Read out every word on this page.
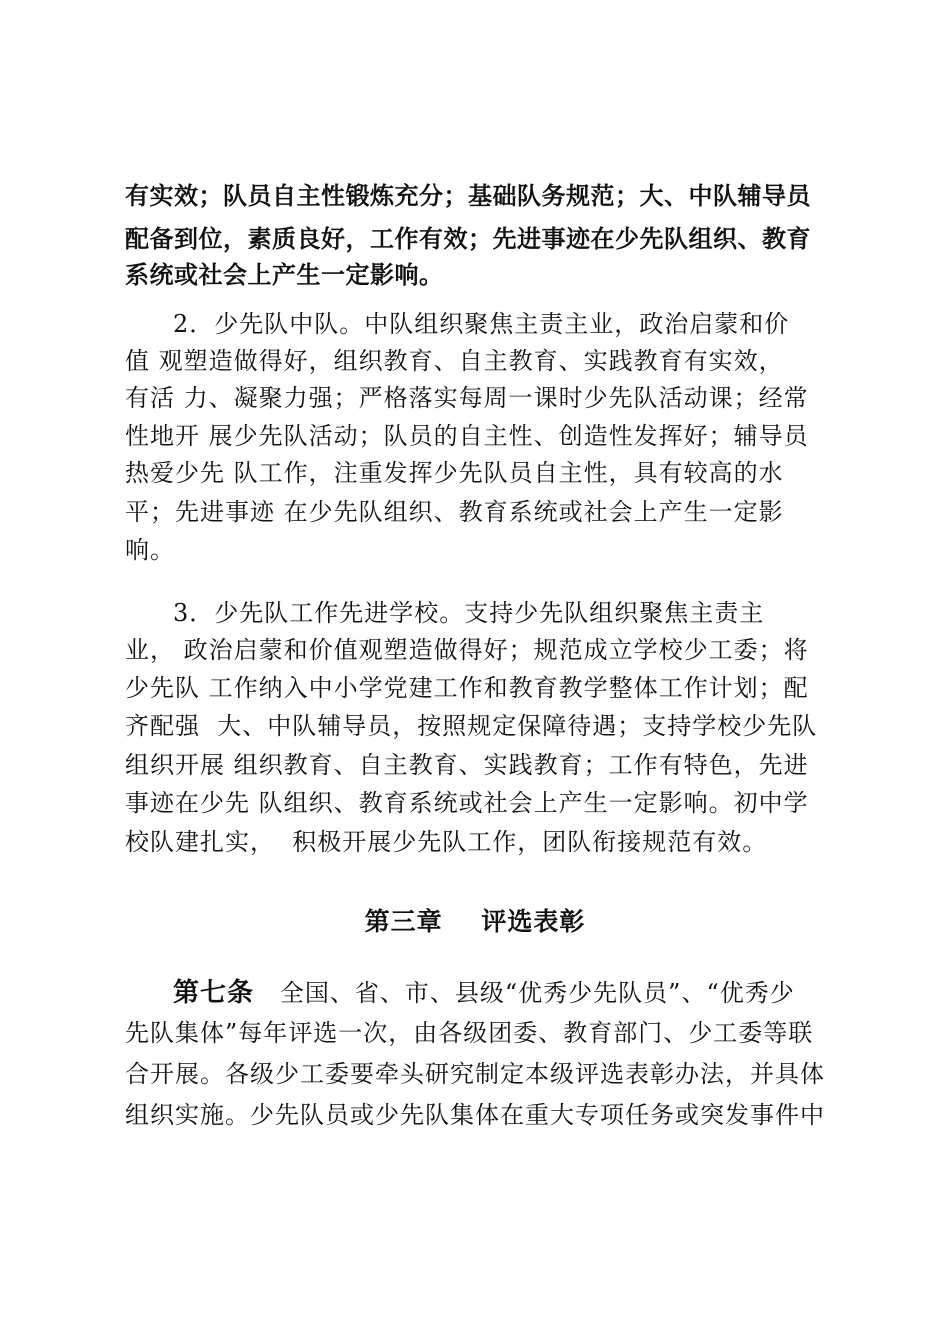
有实效；队员自主性锻炼充分；基础队务规范；大、中队辅导员
配备到位，素质良好，工作有效；先进事迹在少先队组织、教育
系统或社会上产生一定影响。
2．少先队中队。中队组织聚焦主责主业，政治启蒙和价
值 观塑造做得好，组织教育、自主教育、实践教育有实效，
有活 力、凝聚力强；严格落实每周一课时少先队活动课；经常
性地开 展少先队活动；队员的自主性、创造性发挥好；辅导员
热爱少先 队工作，注重发挥少先队员自主性，具有较高的水
平；先进事迹 在少先队组织、教育系统或社会上产生一定影
响。
3．少先队工作先进学校。支持少先队组织聚焦主责主
业， 政治启蒙和价值观塑造做得好；规范成立学校少工委；将
少先队 工作纳入中小学党建工作和教育教学整体工作计划；配
齐配强  大、中队辅导员，按照规定保障待遇；支持学校少先队
组织开展 组织教育、自主教育、实践教育；工作有特色，先进
事迹在少先 队组织、教育系统或社会上产生一定影响。初中学
校队建扎实，  积极开展少先队工作，团队衔接规范有效。
第三章    评选表彰
第七条   全国、省、市、县级“优秀少先队员”、“优秀少
先队集体”每年评选一次，由各级团委、教育部门、少工委等联
合开展。各级少工委要牵头研究制定本级评选表彰办法，并具体
组织实施。少先队员或少先队集体在重大专项任务或突发事件中
